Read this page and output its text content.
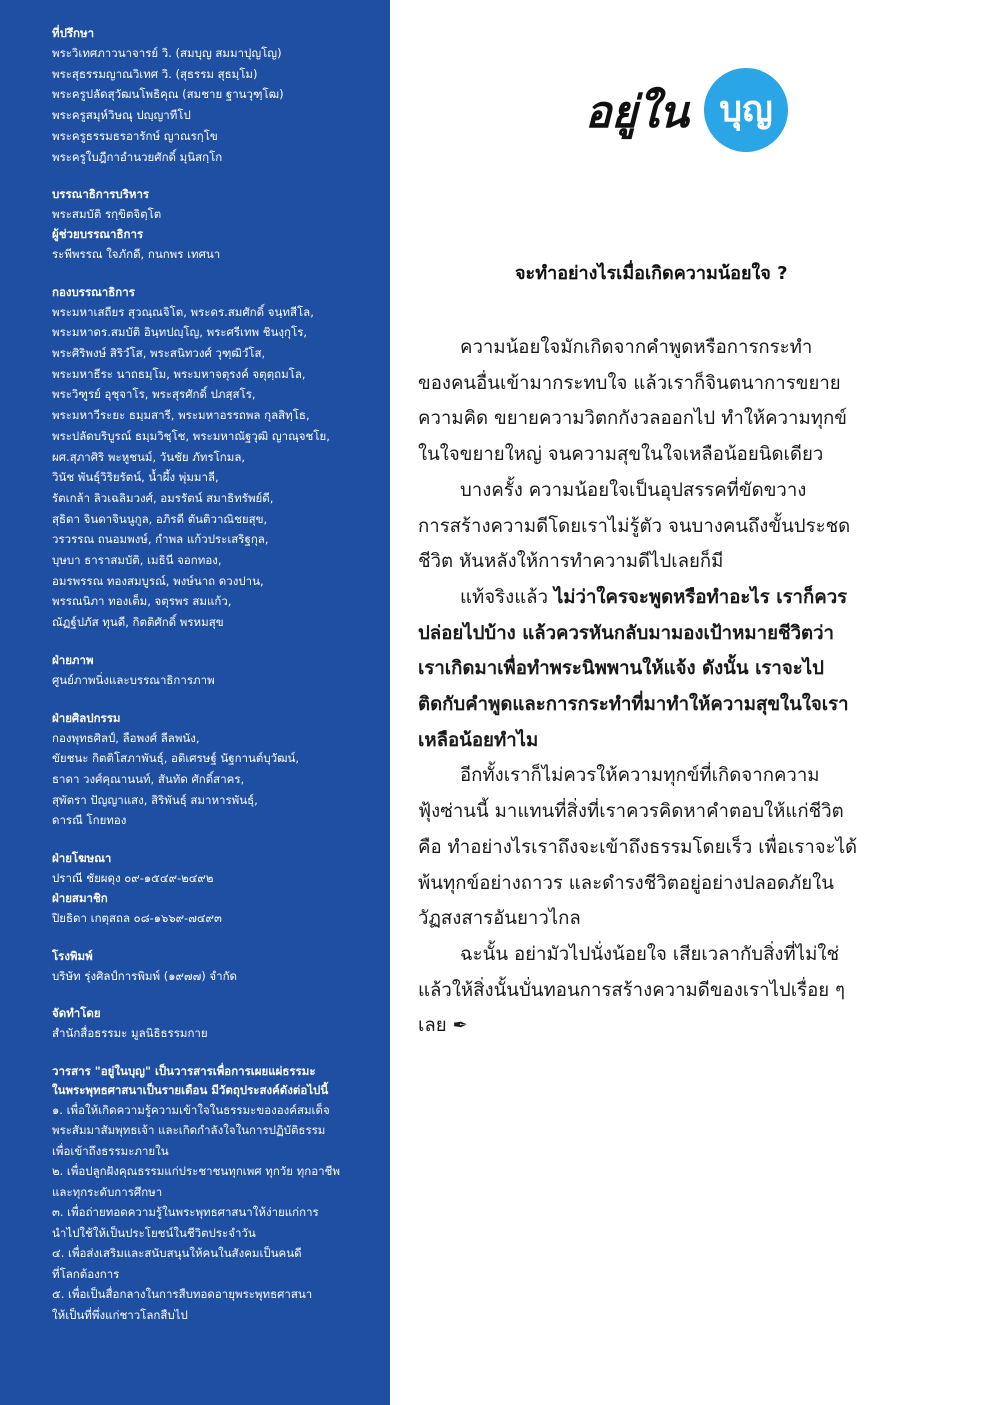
ที่ปรึกษา
พระวิเทศภาวนาจารย์ วิ. (สมบุญ สมมาปุญโญ)
พระสุธรรมญาณวิเทศ วิ. (สุธรรม สุธมฺโม)
พระครูปลัดสุวัฒนโพธิคุณ (สมชาย ฐานวุฑฺโฒ)
พระครูสมุห์วิษณุ ปญฺญาทีโป
พระครูธรรมธรอารักษ์ ญาณรกฺโข
พระครูใบฎีกาอำนวยศักดิ์ มุนิสกฺโก
บรรณาธิการบริหาร
พระสมบัติ รกฺขิตจิตฺโต
ผู้ช่วยบรรณาธิการ
ระพีพรรณ ใจภักดี, กนกพร เทศนา
กองบรรณาธิการ
พระมหาเสถียร สุวณฺณจิโต, พระดร.สมศักดิ์ จนฺทสีโล,
พระมหาดร.สมบัติ อินฺทปญฺโญ, พระศรีเทพ ชินงฺกุโร,
พระศิริพงษ์ สิริวํโส, พระสนิทวงศ์ วุฑฺฒิวํโส,
พระมหาธีระ นาถธมฺโม, พระมหาจตุรงค์ จตุตฺถมโล,
พระวิฑูรย์ อุชุจาโร, พระสุรศักดิ์ ปภสฺสโร,
พระมหาวีระยะ ธมฺมสารี, พระมหาอรรถพล กุลสิทฺโธ,
พระปลัดบริบูรณ์ ธมฺมวิชฺโช, พระมหาณัฐวุฒิ ญาณฺจชโย,
ผศ.สุภาศิริ พะหูชนม์, วันชัย ภัทรโกมล,
วินัช พันธุ์วิริยรัตน์, น้ำผึ้ง พุ่มมาลี,
รัตเกล้า ลิวเฉลิมวงศ์, อมรรัตน์ สมาธิทรัพย์ดี,
สุธิดา จินดาจินนูกูล, อภิรดี ตันติวาณิชยสุข,
วรวรรณ ถนอมพงษ์, กำพล แก้วประเสริฐกุล,
บุษบา ธาราสมบัติ, เมธินี จอกทอง,
อมรพรรณ ทองสมบูรณ์, พงษ์นาถ ดวงปาน,
พรรณนิภา ทองเต็ม, จตุรพร สมแก้ว,
ณัฏฐ์ปภัส ทุนดี, กิตติศักดิ์ พรหมสุข
ฝ่ายภาพ
ศูนย์ภาพนิ่งและบรรณาธิการภาพ
ฝ่ายศิลปกรรม
กองพุทธศิลป์, ลือพงศ์ ลีลพนัง,
ขัยชนะ กิตติโสภาพันธุ์, อติเศรษฐ์ นัฐกานต์บุวัฒน์,
ธาดา วงศ์คุณานนท์, สันทัด ศักดิ์สาคร,
สุพัตรา ปัญญาแสง, สิริพันธุ์ สมาหารพันธุ์,
ดารณี โกยทอง
ฝ่ายโฆษณา
ปราณี ชัยผดุง ๐๙-๑๕๔๙-๒๔๙๒
ฝ่ายสมาชิก
ปิยธิดา เกตุสถล ๐๘-๑๖๖๙-๗๔๙๓
โรงพิมพ์
บริษัท รุ่งศิลป์การพิมพ์ (๑๙๗๗) จำกัด
จัดทำโดย
สำนักสื่อธรรมะ มูลนิธิธรรมกาย
วารสาร "อยู่ในบุญ" เป็นวารสารเพื่อการเผยแผ่ธรรมะ
ในพระพุทธศาสนาเป็นรายเดือน มีวัตถุประสงค์ดังต่อไปนี้
๑. เพื่อให้เกิดความรู้ความเข้าใจในธรรมะขององค์สมเด็จ
พระสัมมาสัมพุทธเจ้า และเกิดกำลังใจในการปฏิบัติธรรม
เพื่อเข้าถึงธรรมะภายใน
๒. เพื่อปลูกฝังคุณธรรมแก่ประชาชนทุกเพศ ทุกวัย ทุกอาชีพ
และทุกระดับการศึกษา
๓. เพื่อถ่ายทอดความรู้ในพระพุทธศาสนาให้ง่ายแก่การ
นำไปใช้ให้เป็นประโยชน์ในชีวิตประจำวัน
๔. เพื่อส่งเสริมและสนับสนุนให้คนในสังคมเป็นคนดี
ที่โลกต้องการ
๕. เพื่อเป็นสื่อกลางในการสืบทอดอายุพระพุทธศาสนา
ให้เป็นที่พึ่งแก่ชาวโลกสืบไป
อยู่ใน บุญ
จะทำอย่างไรเมื่อเกิดความน้อยใจ ?
ความน้อยใจมักเกิดจากคำพูดหรือการกระทำ
ของคนอื่นเข้ามากระทบใจ แล้วเราก็จินตนาการขยาย
ความคิด ขยายความวิตกกังวลออกไป ทำให้ความทุกข์
ในใจขยายใหญ่ จนความสุขในใจเหลือน้อยนิดเดียว
บางครั้ง ความน้อยใจเป็นอุปสรรคที่ขัดขวาง
การสร้างความดีโดยเราไม่รู้ตัว จนบางคนถึงขั้นประชด
ชีวิต หันหลังให้การทำความดีไปเลยก็มี
แท้จริงแล้ว ไม่ว่าใครจะพูดหรือทำอะไร เราก็ควร
ปล่อยไปบ้าง แล้วควรหันกลับมามองเป้าหมายชีวิตว่า
เราเกิดมาเพื่อทำพระนิพพานให้แจ้ง ดังนั้น เราจะไป
ติดกับคำพูดและการกระทำที่มาทำให้ความสุขในใจเรา
เหลือน้อยทำไม
อีกทั้งเราก็ไม่ควรให้ความทุกข์ที่เกิดจากความ
ฟุ้งซ่านนี้ มาแทนที่สิ่งที่เราควรคิดหาคำตอบให้แก่ชีวิต
คือ ทำอย่างไรเราถึงจะเข้าถึงธรรมโดยเร็ว เพื่อเราจะได้
พ้นทุกข์อย่างถาวร และดำรงชีวิตอยู่อย่างปลอดภัยใน
วัฏสงสารอันยาวไกล
ฉะนั้น อย่ามัวไปนั่งน้อยใจ เสียเวลากับสิ่งที่ไม่ใช่
แล้วให้สิ่งนั้นบั่นทอนการสร้างความดีของเราไปเรื่อย ๆ
เลย ✒
